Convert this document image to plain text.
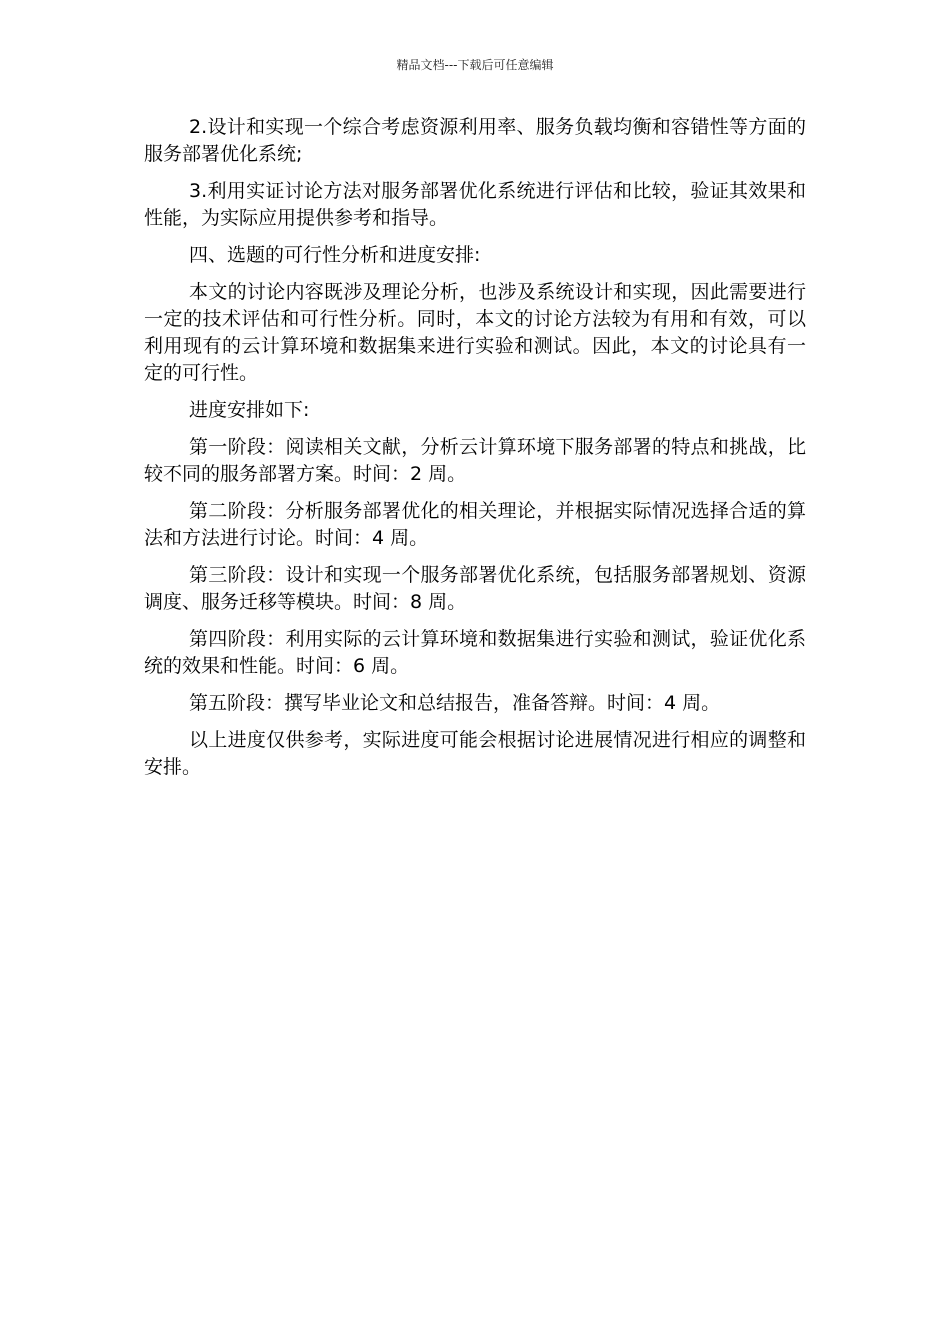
精品文档---下载后可任意编辑

2.设计和实现一个综合考虑资源利用率、服务负载均衡和容错性等方面的服务部署优化系统;

3.利用实证讨论方法对服务部署优化系统进行评估和比较，验证其效果和性能，为实际应用提供参考和指导。

四、选题的可行性分析和进度安排:

本文的讨论内容既涉及理论分析，也涉及系统设计和实现，因此需要进行一定的技术评估和可行性分析。同时，本文的讨论方法较为有用和有效，可以利用现有的云计算环境和数据集来进行实验和测试。因此，本文的讨论具有一定的可行性。

进度安排如下:

第一阶段：阅读相关文献，分析云计算环境下服务部署的特点和挑战，比较不同的服务部署方案。时间：2 周。

第二阶段：分析服务部署优化的相关理论，并根据实际情况选择合适的算法和方法进行讨论。时间：4 周。

第三阶段：设计和实现一个服务部署优化系统，包括服务部署规划、资源调度、服务迁移等模块。时间：8 周。

第四阶段：利用实际的云计算环境和数据集进行实验和测试，验证优化系统的效果和性能。时间：6 周。

第五阶段：撰写毕业论文和总结报告，准备答辩。时间：4 周。

以上进度仅供参考，实际进度可能会根据讨论进展情况进行相应的调整和安排。
